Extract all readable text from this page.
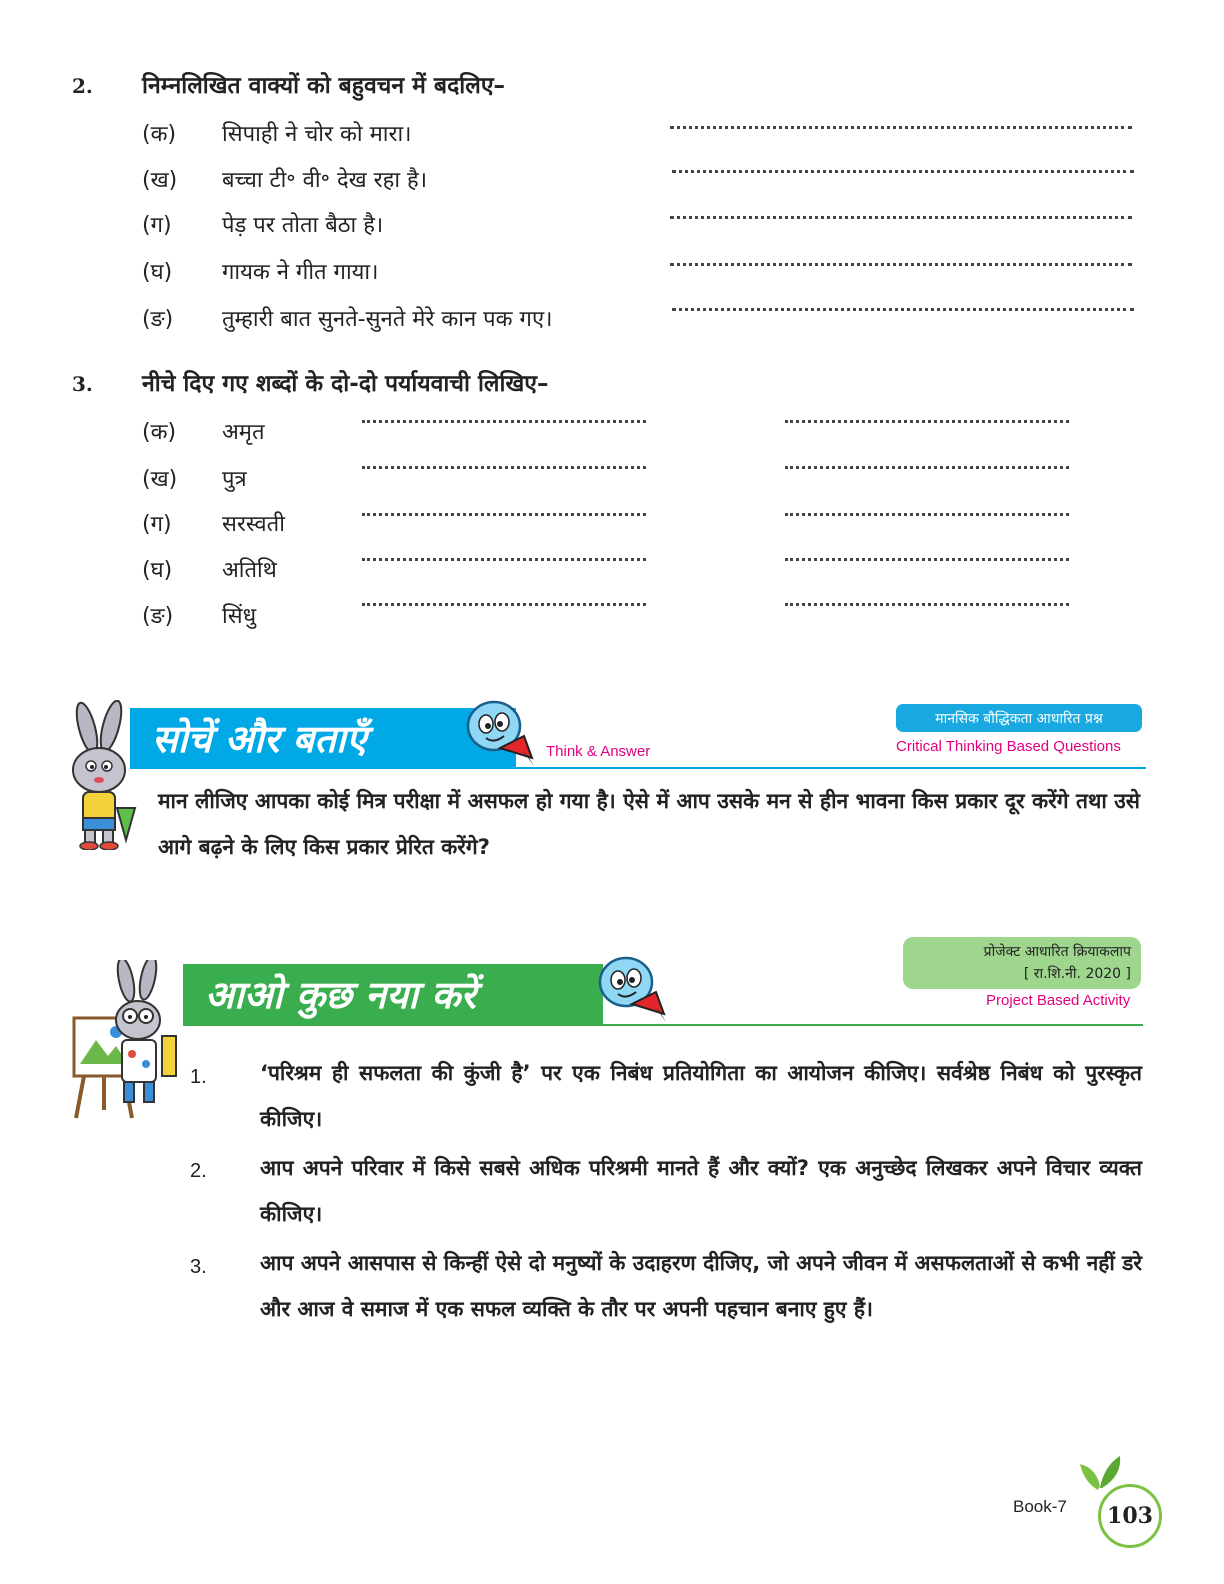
2. निम्नलिखित वाक्यों को बहुवचन में बदलिए–
(क) सिपाही ने चोर को मारा।
(ख) बच्चा टी॰ वी॰ देख रहा है।
(ग) पेड़ पर तोता बैठा है।
(घ) गायक ने गीत गाया।
(ङ) तुम्हारी बात सुनते-सुनते मेरे कान पक गए।
3. नीचे दिए गए शब्दों के दो-दो पर्यायवाची लिखिए–
(क) अमृत
(ख) पुत्र
(ग) सरस्वती
(घ) अतिथि
(ङ) सिंधु
सोचें और बताएँ	Think & Answer
मानसिक बौद्धिकता आधारित प्रश्न
Critical Thinking Based Questions
मान लीजिए आपका कोई मित्र परीक्षा में असफल हो गया है। ऐसे में आप उसके मन से हीन भावना किस प्रकार दूर करेंगे तथा उसे आगे बढ़ने के लिए किस प्रकार प्रेरित करेंगे?
आओ कुछ नया करें
प्रोजेक्ट आधारित क्रियाकलाप
[ रा.शि.नी. 2020 ]
Project Based Activity
1.	‘परिश्रम ही सफलता की कुंजी है’ पर एक निबंध प्रतियोगिता का आयोजन कीजिए। सर्वश्रेष्ठ निबंध को पुरस्कृत कीजिए।
2.	आप अपने परिवार में किसे सबसे अधिक परिश्रमी मानते हैं और क्यों? एक अनुच्छेद लिखकर अपने विचार व्यक्त कीजिए।
3.	आप अपने आसपास से किन्हीं ऐसे दो मनुष्यों के उदाहरण दीजिए, जो अपने जीवन में असफलताओं से कभी नहीं डरे और आज वे समाज में एक सफल व्यक्ति के तौर पर अपनी पहचान बनाए हुए हैं।
Book-7 103
